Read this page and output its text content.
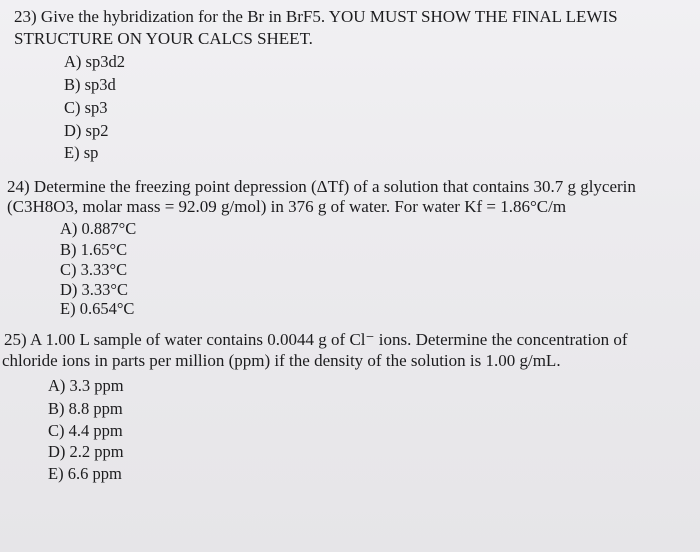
23) Give the hybridization for the Br in BrF5. YOU MUST SHOW THE FINAL LEWIS
STRUCTURE ON YOUR CALCS SHEET.
A) sp3d2
B) sp3d
C) sp3
D) sp2
E) sp
24) Determine the freezing point depression (ΔTf) of a solution that contains 30.7 g glycerin
(C3H8O3, molar mass = 92.09 g/mol) in 376 g of water. For water Kf = 1.86°C/m
A) 0.887°C
B) 1.65°C
C) 3.33°C
D) 3.33°C
E) 0.654°C
25) A 1.00 L sample of water contains 0.0044 g of Cl⁻ ions. Determine the concentration of
chloride ions in parts per million (ppm) if the density of the solution is 1.00 g/mL.
A) 3.3 ppm
B) 8.8 ppm
C) 4.4 ppm
D) 2.2 ppm
E) 6.6 ppm
